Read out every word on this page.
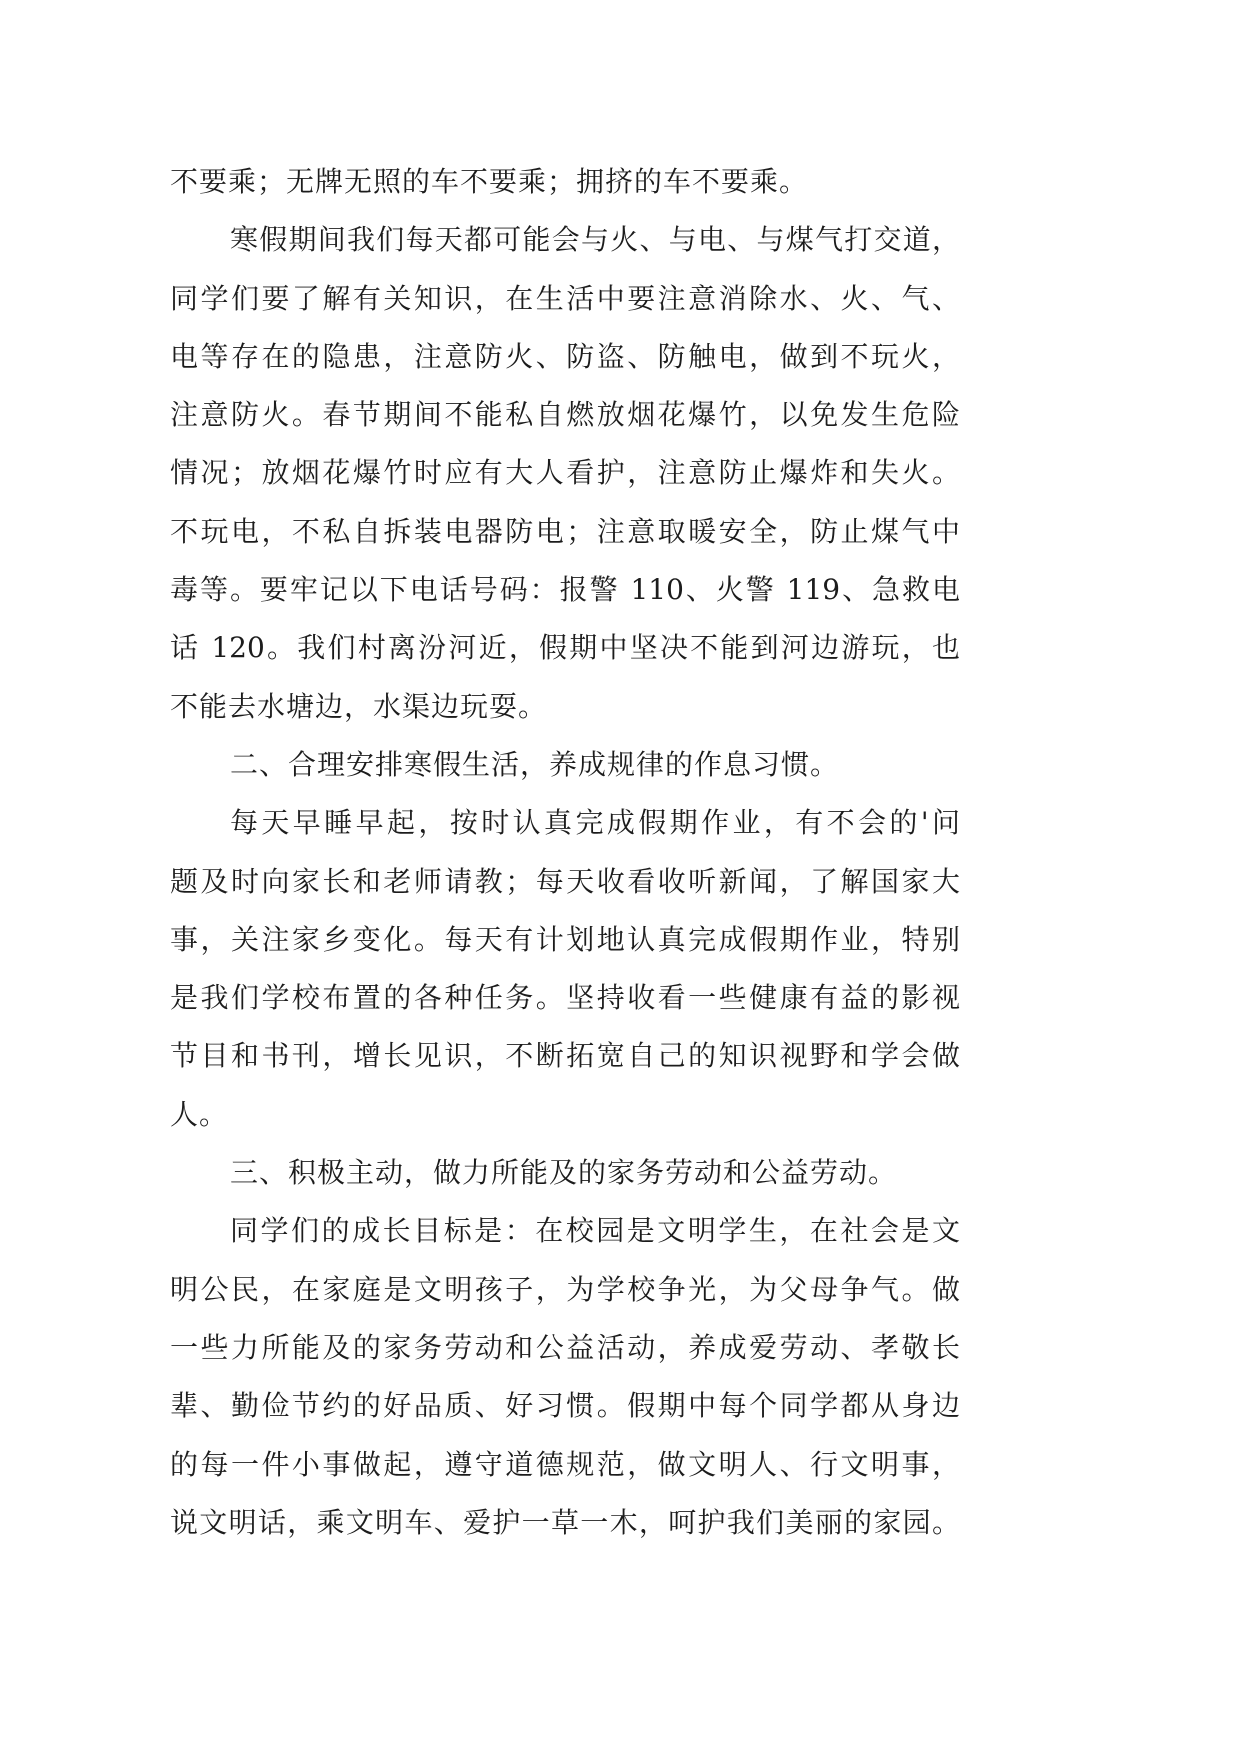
不要乘；无牌无照的车不要乘；拥挤的车不要乘。
寒假期间我们每天都可能会与火、与电、与煤气打交道，
同学们要了解有关知识，在生活中要注意消除水、火、气、
电等存在的隐患，注意防火、防盗、防触电，做到不玩火，
注意防火。春节期间不能私自燃放烟花爆竹，以免发生危险
情况；放烟花爆竹时应有大人看护，注意防止爆炸和失火。
不玩电，不私自拆装电器防电；注意取暖安全，防止煤气中
毒等。要牢记以下电话号码：报警 110、火警 119、急救电
话 120。我们村离汾河近，假期中坚决不能到河边游玩，也
不能去水塘边，水渠边玩耍。
二、合理安排寒假生活，养成规律的作息习惯。
每天早睡早起，按时认真完成假期作业，有不会的'问
题及时向家长和老师请教；每天收看收听新闻，了解国家大
事，关注家乡变化。每天有计划地认真完成假期作业，特别
是我们学校布置的各种任务。坚持收看一些健康有益的影视
节目和书刊，增长见识，不断拓宽自己的知识视野和学会做
人。
三、积极主动，做力所能及的家务劳动和公益劳动。
同学们的成长目标是：在校园是文明学生，在社会是文
明公民，在家庭是文明孩子，为学校争光，为父母争气。做
一些力所能及的家务劳动和公益活动，养成爱劳动、孝敬长
辈、勤俭节约的好品质、好习惯。假期中每个同学都从身边
的每一件小事做起，遵守道德规范，做文明人、行文明事，
说文明话，乘文明车、爱护一草一木，呵护我们美丽的家园。
